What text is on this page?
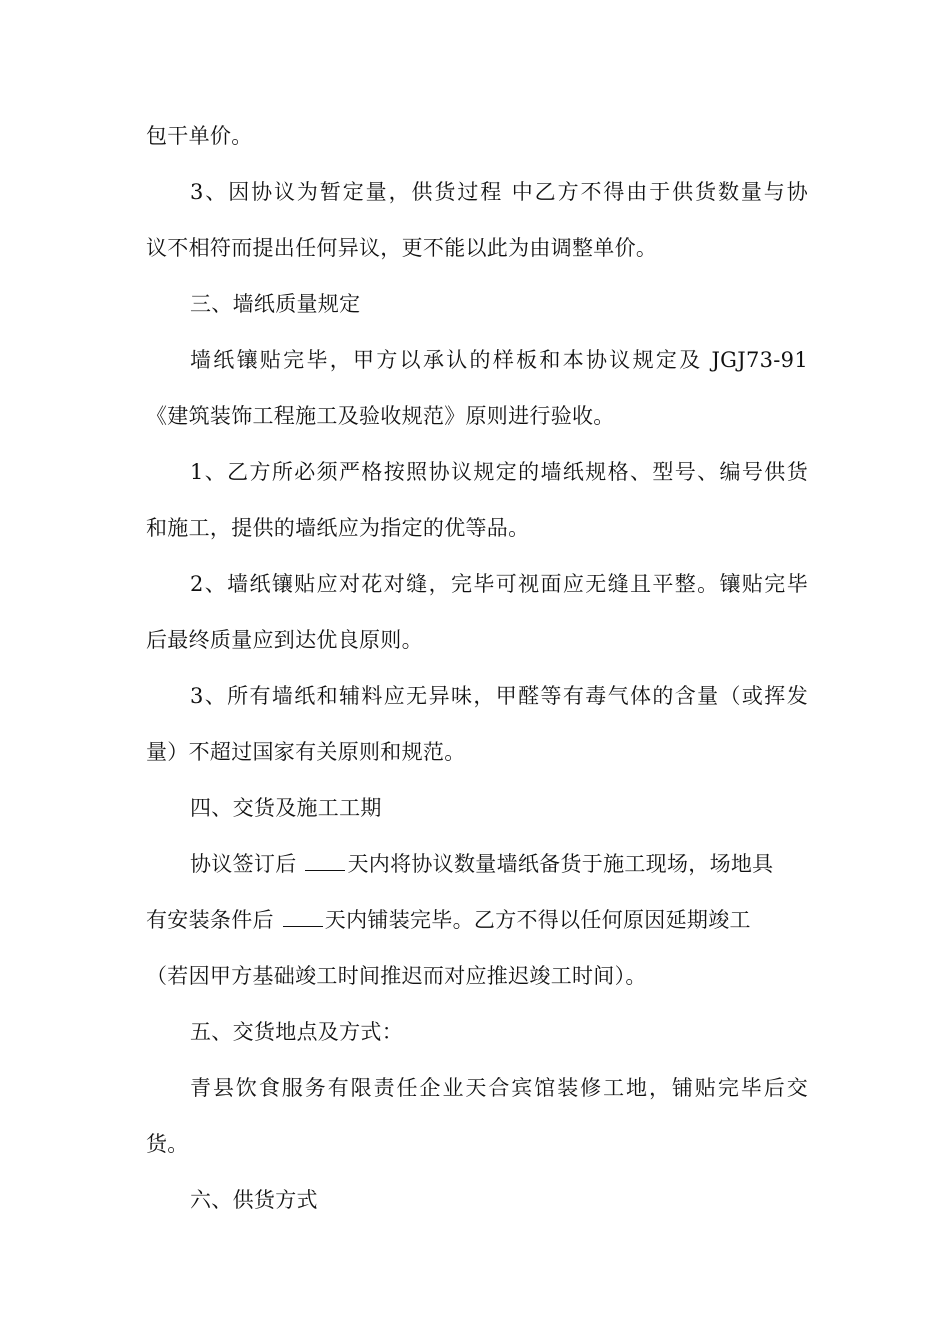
包干单价。
3、因协议为暂定量，供货过程 中乙方不得由于供货数量与协
议不相符而提出任何异议，更不能以此为由调整单价。
三、墙纸质量规定
墙纸镶贴完毕，甲方以承认的样板和本协议规定及 JGJ73-91
《建筑装饰工程施工及验收规范》原则进行验收。
1、乙方所必须严格按照协议规定的墙纸规格、型号、编号供货
和施工，提供的墙纸应为指定的优等品。
2、墙纸镶贴应对花对缝，完毕可视面应无缝且平整。镶贴完毕
后最终质量应到达优良原则。
3、所有墙纸和辅料应无异味，甲醛等有毒气体的含量（或挥发
量）不超过国家有关原则和规范。
四、交货及施工工期
协议签订后 天内将协议数量墙纸备货于施工现场，场地具
有安装条件后 天内铺装完毕。乙方不得以任何原因延期竣工
（若因甲方基础竣工时间推迟而对应推迟竣工时间）。
五、交货地点及方式：
青县饮食服务有限责任企业天合宾馆装修工地，铺贴完毕后交
货。
六、供货方式
